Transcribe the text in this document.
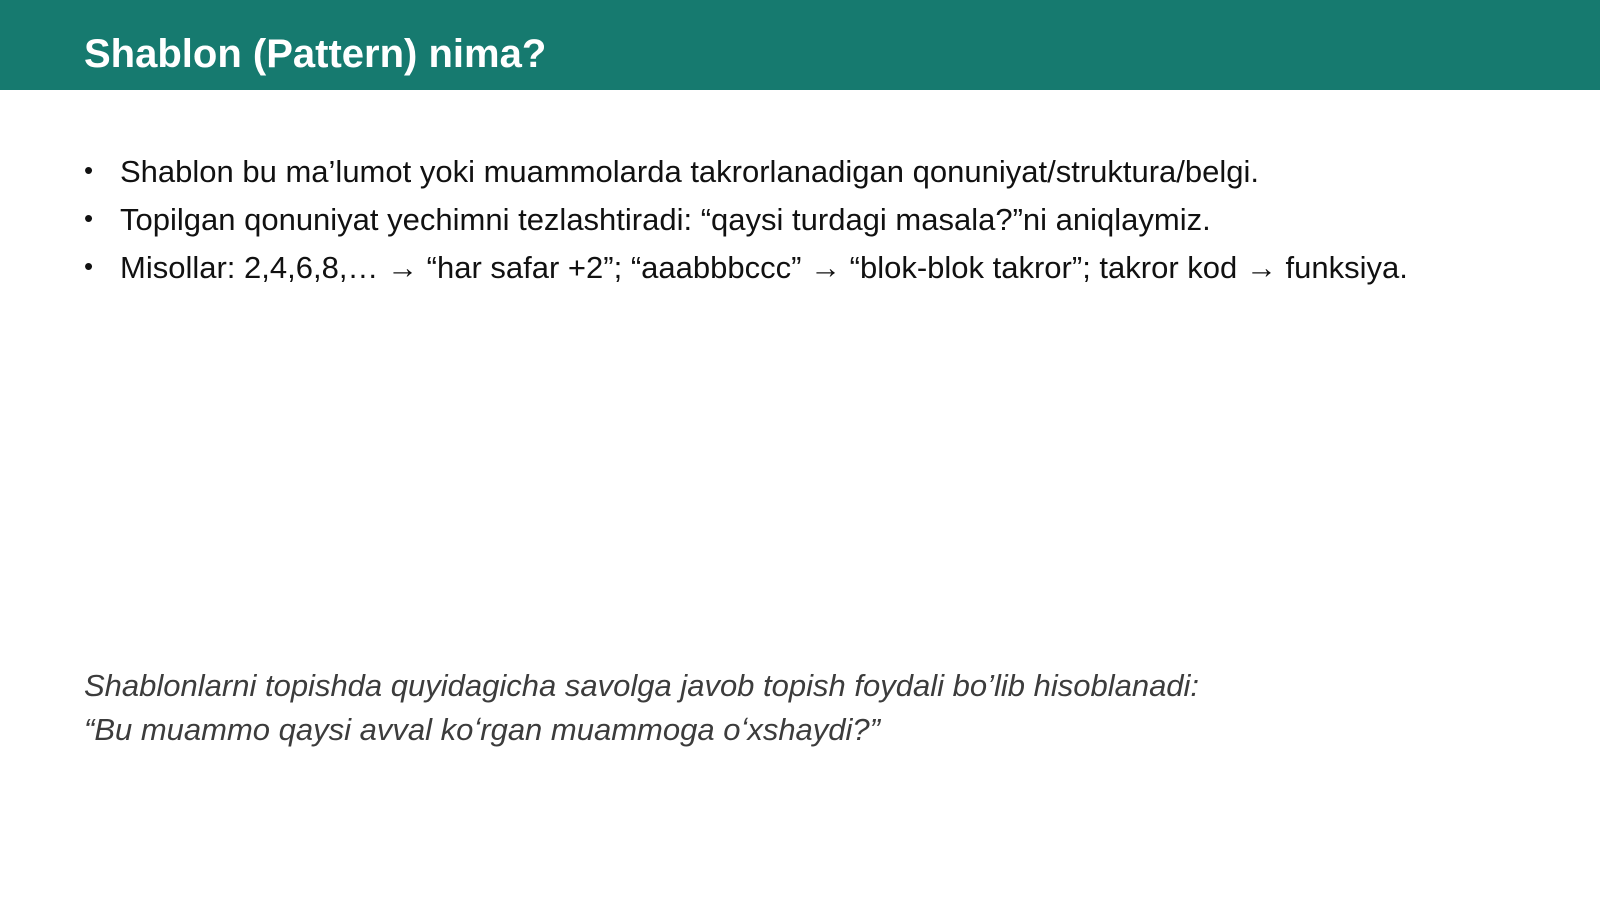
Shablon (Pattern) nima?
• Shablon bu ma’lumot yoki muammolarda takrorlanadigan qonuniyat/struktura/belgi.
• Topilgan qonuniyat yechimni tezlashtiradi: “qaysi turdagi masala?”ni aniqlaymiz.
• Misollar: 2,4,6,8,… → “har safar +2”; “aaabbbccc” → “blok-blok takror”; takror kod → funksiya.
Shablonlarni topishda quyidagicha savolga javob topish foydali bo’lib hisoblanadi:
“Bu muammo qaysi avval koʻrgan muammoga oʻxshaydi?”
